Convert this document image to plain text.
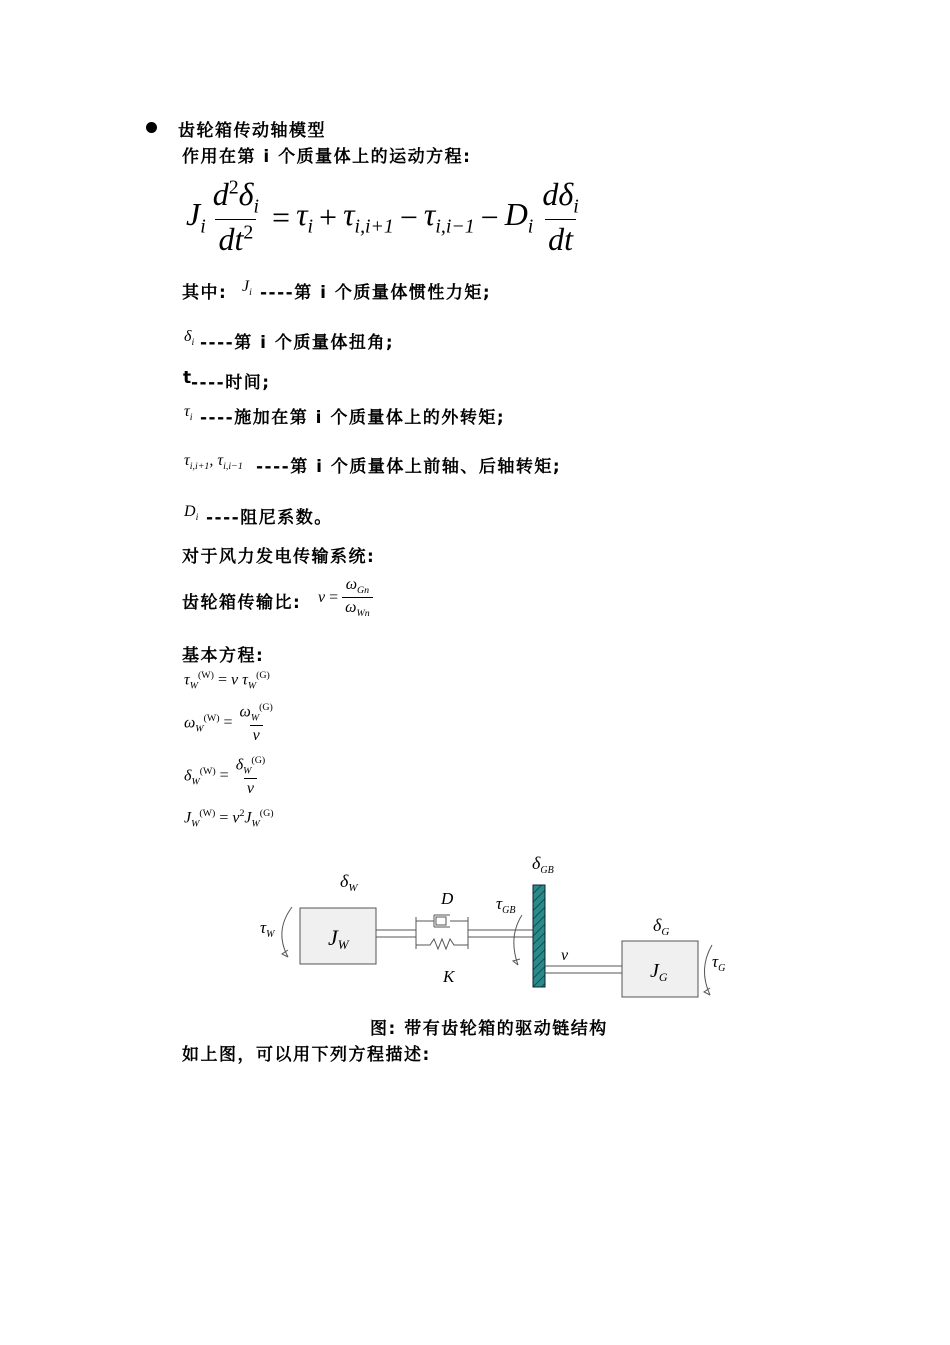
齿轮箱传动轴模型
作用在第 i 个质量体上的运动方程:
$J_i \frac{d^2\delta_i}{dt^2} = \tau_i + \tau_{i,i+1} - \tau_{i,i-1} - D_i \frac{d\delta_i}{dt}$
其中: $J_i$ ----第 i 个质量体惯性力矩;
$\delta_i$ ----第 i 个质量体扭角;
t
----时间;
$\tau_i$ ----施加在第 i 个质量体上的外转矩;
$\tau_{i,i+1}$, $\tau_{i,i-1}$ ----第 i 个质量体上前轴、后轴转矩;
$D_i$ ----阻尼系数。
对于风力发电传输系统:
齿轮箱传输比: $v = \frac{\omega_{Gn}}{\omega_{Wn}}$
基本方程:
$\tau_W^{(W)} = v$ $\tau_W^{(G)}$
$\omega_W^{(W)} = \frac{\omega_W^{(G)}}{v}$
$\delta_W^{(W)} = \frac{\delta_W^{(G)}}{v}$
$J_W^{(W)} = v^2J_W^{(G)}$
JW
$\delta_W$
$\tau_W$
D
K
$\tau_{GB}$
$\delta_{GB}$
v
$J_G$
$\delta_G$
$\tau_G$
图: 带有齿轮箱的驱动链结构
如上图，可以用下列方程描述:
